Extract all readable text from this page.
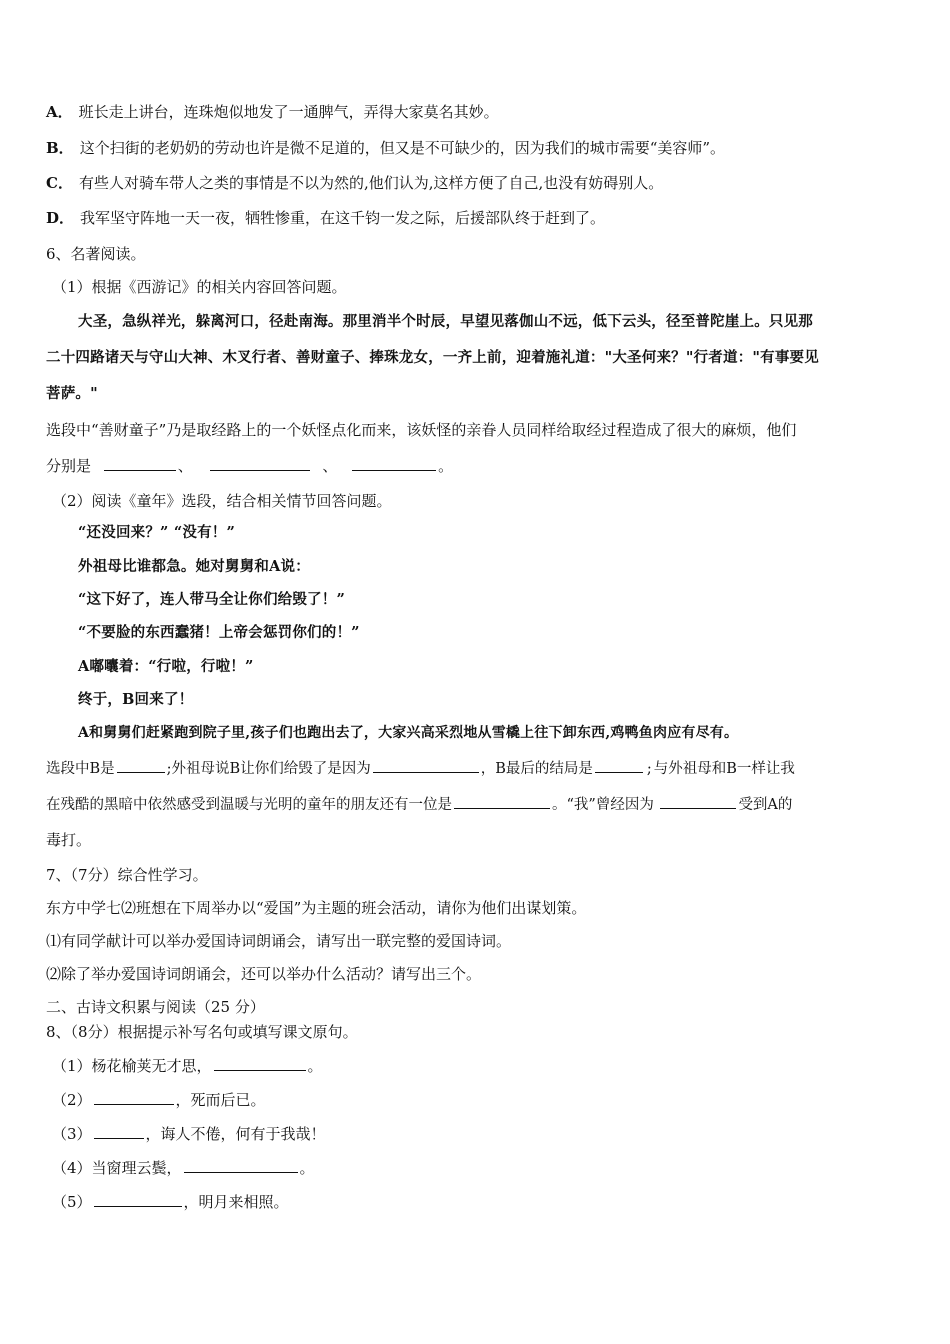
A． 班长走上讲台，连珠炮似地发了一通脾气，弄得大家莫名其妙。
B． 这个扫街的老奶奶的劳动也许是微不足道的，但又是不可缺少的，因为我们的城市需要“美容师”。
C． 有些人对骑车带人之类的事情是不以为然的,他们认为,这样方便了自己,也没有妨碍别人。
D． 我军坚守阵地一天一夜，牺牲惨重，在这千钧一发之际，后援部队终于赶到了。
6、名著阅读。
（1）根据《西游记》的相关内容回答问题。
大圣，急纵祥光，躲离河口，径赴南海。那里消半个时辰，早望见落伽山不远，低下云头，径至普陀崖上。只见那
二十四路诸天与守山大神、木叉行者、善财童子、捧珠龙女，一齐上前，迎着施礼道："大圣何来？"行者道："有事要见
菩萨。"
选段中“善财童子”乃是取经路上的一个妖怪点化而来，该妖怪的亲眷人员同样给取经过程造成了很大的麻烦，他们
分别是	、	、	。
（2）阅读《童年》选段，结合相关情节回答问题。
“还没回来？” “没有！”
外祖母比谁都急。她对舅舅和A说：
“这下好了，连人带马全让你们给毁了！”
“不要脸的东西蠢猪！上帝会惩罚你们的！”
A嘟囔着：“行啦，行啦！”
终于，B回来了！
A和舅舅们赶紧跑到院子里,孩子们也跑出去了，大家兴高采烈地从雪橇上往下卸东西,鸡鸭鱼肉应有尽有。
选段中B是	;外祖母说B让你们给毁了是因为	，B最后的结局是	; 与外祖母和B一样让我
在残酷的黑暗中依然感受到温暖与光明的童年的朋友还有一位是	。“我”曾经因为	受到A的
毒打。
7、（7分）综合性学习。
东方中学七⑵班想在下周举办以“爱国”为主题的班会活动，请你为他们出谋划策。
⑴有同学献计可以举办爱国诗词朗诵会，请写出一联完整的爱国诗词。
⑵除了举办爱国诗词朗诵会，还可以举办什么活动？请写出三个。
二、古诗文积累与阅读（25 分）
8、（8分）根据提示补写名句或填写课文原句。
（1）杨花榆荚无才思，	。
（2）	，死而后已。
（3）	，诲人不倦，何有于我哉！
（4）当窗理云鬓，	。
（5）	，明月来相照。
